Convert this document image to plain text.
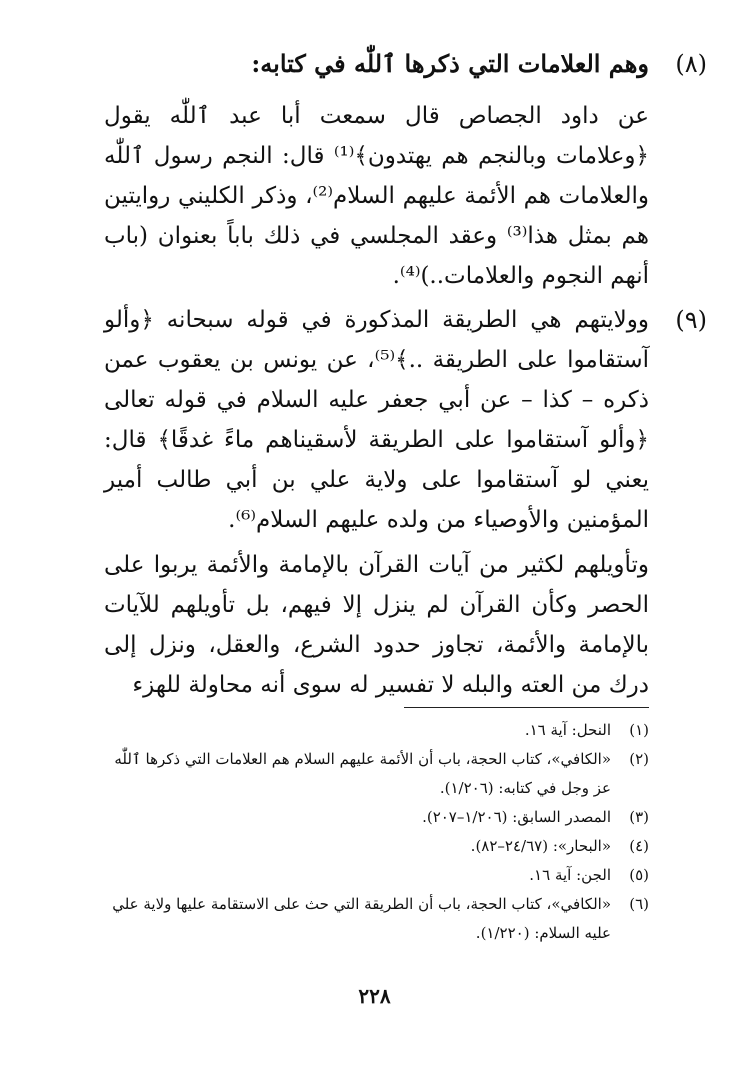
(٨)
وهم العلامات التي ذكرها ٱللّٰه في كتابه:
عن داود الجصاص قال سمعت أبا عبد ٱللّٰه يقول ﴿وعلامات وبالنجم هم يهتدون﴾⁽¹⁾ قال: النجم رسول ٱللّٰه والعلامات هم الأئمة عليهم السلام⁽²⁾، وذكر الكليني روايتين هم بمثل هذا⁽³⁾ وعقد المجلسي في ذلك باباً بعنوان (باب أنهم النجوم والعلامات..)⁽⁴⁾.
(٩)
وولايتهم هي الطريقة المذكورة في قوله سبحانه ﴿وألو آستقاموا على الطريقة ..﴾⁽⁵⁾، عن يونس بن يعقوب عمن ذكره – كذا – عن أبي جعفر عليه السلام في قوله تعالى ﴿وألو آستقاموا على الطريقة لأسقيناهم ماءً غدقًا﴾ قال: يعني لو آستقاموا على ولاية علي بن أبي طالب أمير المؤمنين والأوصياء من ولده عليهم السلام⁽⁶⁾.
وتأويلهم لكثير من آيات القرآن بالإمامة والأئمة يربوا على الحصر وكأن القرآن لم ينزل إلا فيهم، بل تأويلهم للآيات بالإمامة والأئمة، تجاوز حدود الشرع، والعقل، ونزل إلى درك من العته والبله لا تفسير له سوى أنه محاولة للهزء
(١)
النحل: آية ١٦.
(٢)
«الكافي»، كتاب الحجة، باب أن الأئمة عليهم السلام هم العلامات التي ذكرها ٱللّٰه عز وجل في كتابه: (١/٢٠٦).
(٣)
المصدر السابق: (١/٢٠٦–٢٠٧).
(٤)
«البحار»: (٢٤/٦٧–٨٢).
(٥)
الجن: آية ١٦.
(٦)
«الكافي»، كتاب الحجة، باب أن الطريقة التي حث على الاستقامة عليها ولاية علي عليه السلام: (١/٢٢٠).
٢٢٨
